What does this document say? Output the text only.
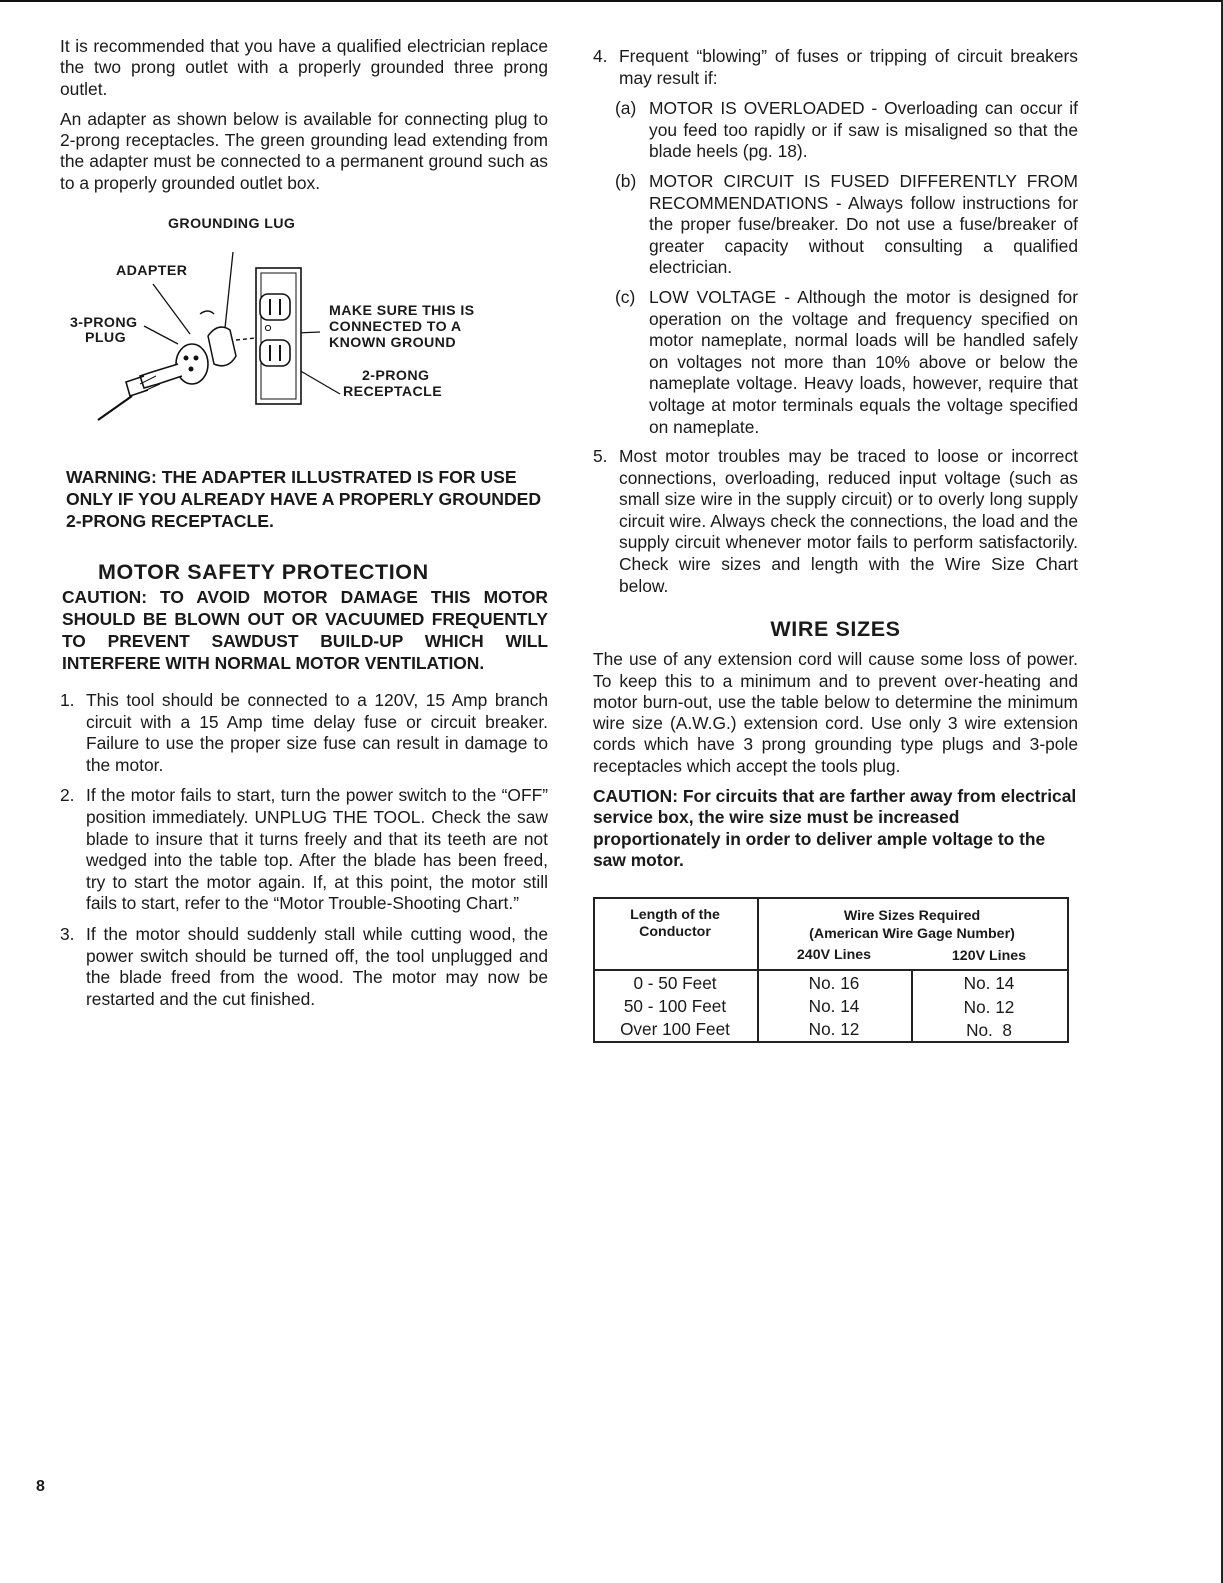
It is recommended that you have a qualified electrician replace the two prong outlet with a properly grounded three prong outlet.

An adapter as shown below is available for connecting plug to 2-prong receptacles. The green grounding lead extending from the adapter must be connected to a permanent ground such as to a properly grounded outlet box.

GROUNDING LUG
ADAPTER
3-PRONG
PLUG
MAKE SURE THIS IS
CONNECTED TO A
KNOWN GROUND
2-PRONG
RECEPTACLE
WARNING: THE ADAPTER ILLUSTRATED IS FOR USE ONLY IF YOU ALREADY HAVE A PROPERLY GROUNDED 2-PRONG RECEPTACLE.
MOTOR SAFETY PROTECTION
CAUTION: TO AVOID MOTOR DAMAGE THIS MOTOR SHOULD BE BLOWN OUT OR VACUUMED FREQUENTLY TO PREVENT SAWDUST BUILD-UP WHICH WILL INTERFERE WITH NORMAL MOTOR VENTILATION.
1. This tool should be connected to a 120V, 15 Amp branch circuit with a 15 Amp time delay fuse or circuit breaker. Failure to use the proper size fuse can result in damage to the motor.
2. If the motor fails to start, turn the power switch to the “OFF” position immediately. UNPLUG THE TOOL. Check the saw blade to insure that it turns freely and that its teeth are not wedged into the table top. After the blade has been freed, try to start the motor again. If, at this point, the motor still fails to start, refer to the “Motor Trouble-Shooting Chart.”
3. If the motor should suddenly stall while cutting wood, the power switch should be turned off, the tool unplugged and the blade freed from the wood. The motor may now be restarted and the cut finished.
4. Frequent “blowing” of fuses or tripping of circuit breakers may result if:
(a) MOTOR IS OVERLOADED - Overloading can occur if you feed too rapidly or if saw is misaligned so that the blade heels (pg. 18).
(b) MOTOR CIRCUIT IS FUSED DIFFERENTLY FROM RECOMMENDATIONS - Always follow instructions for the proper fuse/breaker. Do not use a fuse/breaker of greater capacity without consulting a qualified electrician.
(c) LOW VOLTAGE - Although the motor is designed for operation on the voltage and frequency specified on motor nameplate, normal loads will be handled safely on voltages not more than 10% above or below the nameplate voltage. Heavy loads, however, require that voltage at motor terminals equals the voltage specified on nameplate.
5. Most motor troubles may be traced to loose or incorrect connections, overloading, reduced input voltage (such as small size wire in the supply circuit) or to overly long supply circuit wire. Always check the connections, the load and the supply circuit whenever motor fails to perform satisfactorily. Check wire sizes and length with the Wire Size Chart below.
WIRE SIZES

The use of any extension cord will cause some loss of power. To keep this to a minimum and to prevent over-heating and motor burn-out, use the table below to determine the minimum wire size (A.W.G.) extension cord. Use only 3 wire extension cords which have 3 prong grounding type plugs and 3-pole receptacles which accept the tools plug.

CAUTION: For circuits that are farther away from electrical service box, the wire size must be increased proportionately in order to deliver ample voltage to the saw motor.
Length of the
Conductor
Wire Sizes Required
(American Wire Gage Number)
240V Lines	120V Lines
0 - 50 Feet	No. 16	No. 14
50 - 100 Feet	No. 14	No. 12
Over 100 Feet	No. 12	No.  8
8
